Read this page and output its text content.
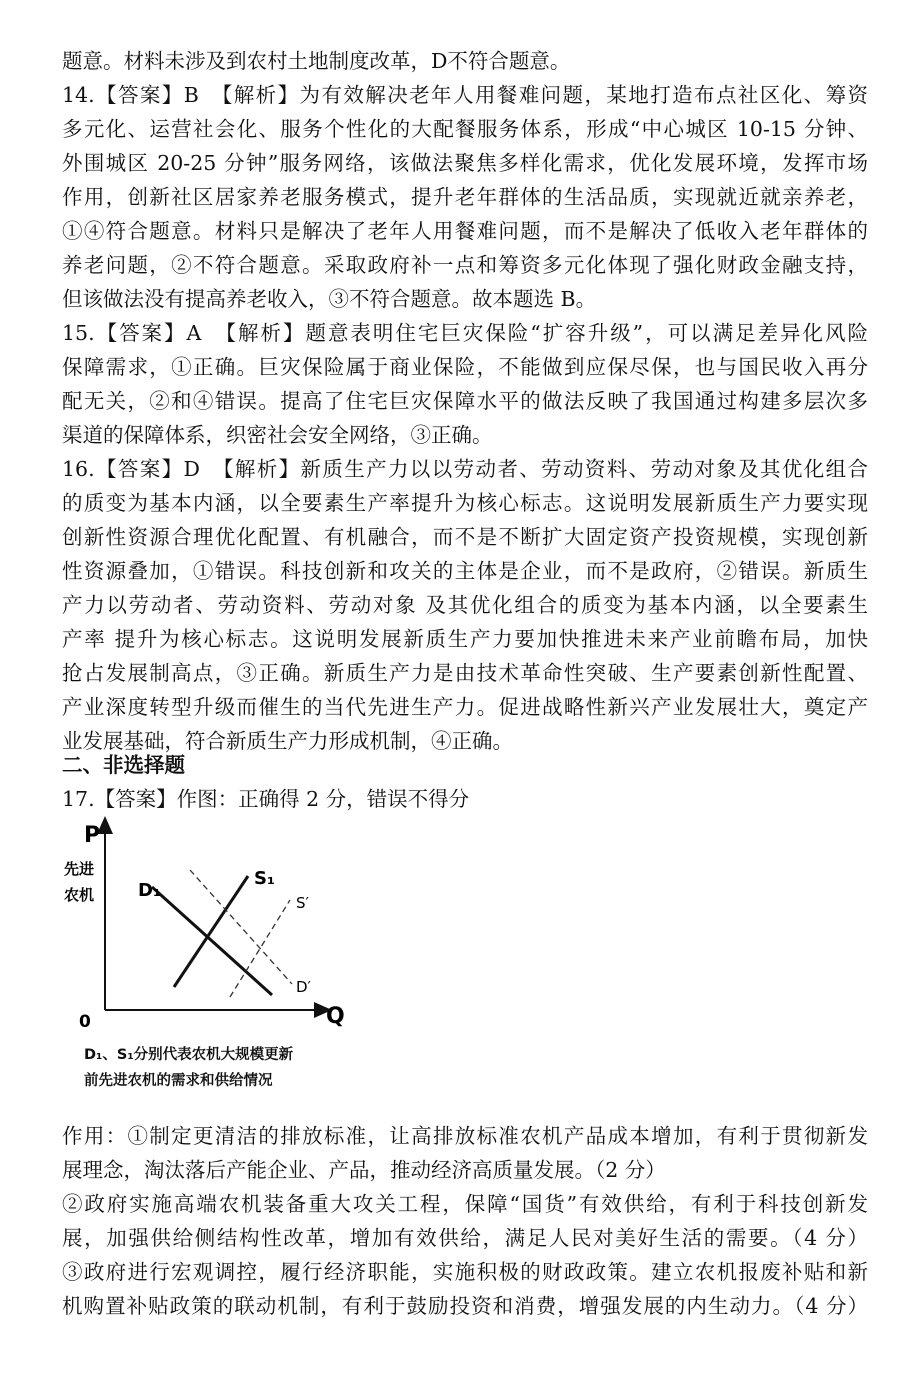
题意。材料未涉及到农村土地制度改革，D不符合题意。
14.【答案】B　【解析】为有效解决老年人用餐难问题，某地打造布点社区化、筹资
多元化、运营社会化、服务个性化的大配餐服务体系，形成“中心城区 10-15 分钟、
外围城区 20-25 分钟”服务网络，该做法聚焦多样化需求，优化发展环境，发挥市场
作用，创新社区居家养老服务模式，提升老年群体的生活品质，实现就近就亲养老，
①④符合题意。材料只是解决了老年人用餐难问题，而不是解决了低收入老年群体的
养老问题，②不符合题意。采取政府补一点和筹资多元化体现了强化财政金融支持，
但该做法没有提高养老收入，③不符合题意。故本题选 B。
15.【答案】A　【解析】题意表明住宅巨灾保险“扩容升级”，可以满足差异化风险
保障需求，①正确。巨灾保险属于商业保险，不能做到应保尽保，也与国民收入再分
配无关，②和④错误。提高了住宅巨灾保障水平的做法反映了我国通过构建多层次多
渠道的保障体系，织密社会安全网络，③正确。
16.【答案】D　【解析】新质生产力以以劳动者、劳动资料、劳动对象及其优化组合
的质变为基本内涵，以全要素生产率提升为核心标志。这说明发展新质生产力要实现
创新性资源合理优化配置、有机融合，而不是不断扩大固定资产投资规模，实现创新
性资源叠加，①错误。科技创新和攻关的主体是企业，而不是政府，②错误。新质生
产力以劳动者、劳动资料、劳动对象 及其优化组合的质变为基本内涵，以全要素生
产率 提升为核心标志。这说明发展新质生产力要加快推进未来产业前瞻布局，加快
抢占发展制高点，③正确。新质生产力是由技术革命性突破、生产要素创新性配置、
产业深度转型升级而催生的当代先进生产力。促进战略性新兴产业发展壮大，奠定产
业发展基础，符合新质生产力形成机制，④正确。
二、非选择题
17.【答案】作图：正确得 2 分，错误不得分
P
Q
0
先进
农机 D₁
S₁
S′
D′
D₁、S₁分别代表农机大规模更新
前先进农机的需求和供给情况
作用：①制定更清洁的排放标准，让高排放标准农机产品成本增加，有利于贯彻新发
展理念，淘汰落后产能企业、产品，推动经济高质量发展。（2 分）
②政府实施高端农机装备重大攻关工程，保障“国货”有效供给，有利于科技创新发
展，加强供给侧结构性改革，增加有效供给，满足人民对美好生活的需要。（4 分）
③政府进行宏观调控，履行经济职能，实施积极的财政政策。建立农机报废补贴和新
机购置补贴政策的联动机制，有利于鼓励投资和消费，增强发展的内生动力。（4 分）
